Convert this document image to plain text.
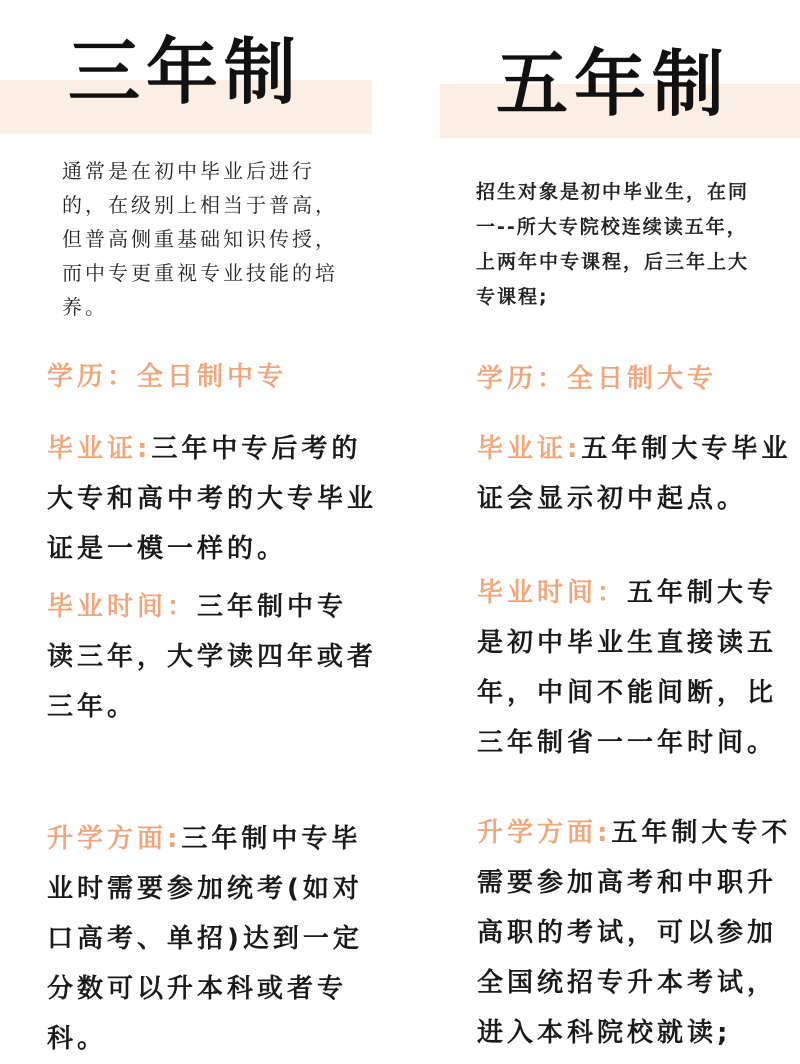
三年制

通常是在初中毕业后进行的，在级别上相当于普高，但普高侧重基础知识传授，而中专更重视专业技能的培养。

学历：全日制中专

毕业证:三年中专后考的大专和高中考的大专毕业证是一模一样的。

毕业时间：三年制中专读三年，大学读四年或者三年。

升学方面:三年制中专毕业时需要参加统考(如对口高考、单招)达到一定分数可以升本科或者专科。

五年制

招生对象是初中毕业生，在同一--所大专院校连续读五年，上两年中专课程，后三年上大专课程;

学历：全日制大专

毕业证:五年制大专毕业证会显示初中起点。

毕业时间：五年制大专是初中毕业生直接读五年，中间不能间断，比三年制省一一年时间。

升学方面:五年制大专不需要参加高考和中职升高职的考试，可以参加全国统招专升本考试，进入本科院校就读;
